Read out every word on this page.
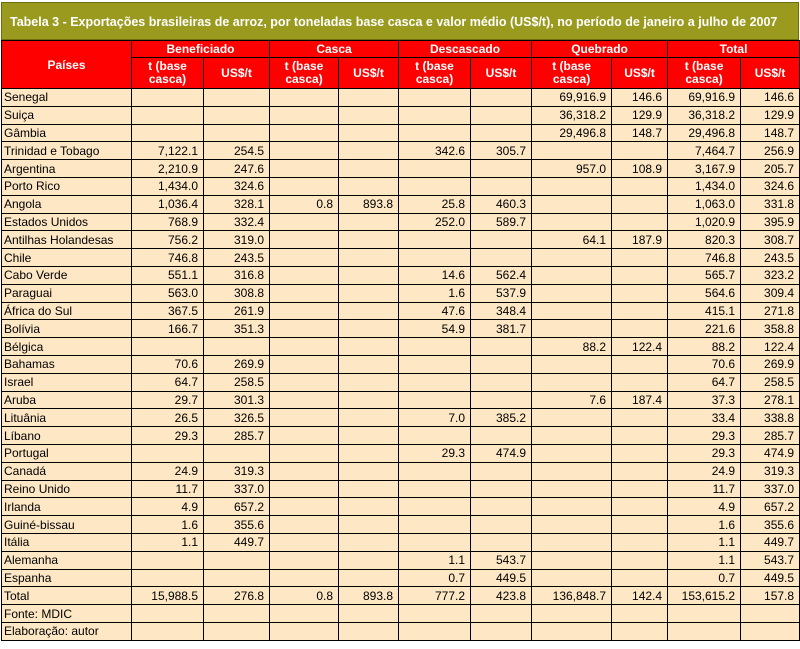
Tabela 3 - Exportações brasileiras de arroz, por toneladas base casca e valor médio (US$/t), no período de janeiro a julho de 2007
Países	Beneficiado		Casca		Descascado		Quebrado		Total	
	t (base casca)	US$/t	t (base casca)	US$/t	t (base casca)	US$/t	t (base casca)	US$/t	t (base casca)	US$/t
Senegal							69,916.9	146.6	69,916.9	146.6
Suiça							36,318.2	129.9	36,318.2	129.9
Gâmbia							29,496.8	148.7	29,496.8	148.7
Trinidad e Tobago	7,122.1	254.5			342.6	305.7			7,464.7	256.9
Argentina	2,210.9	247.6					957.0	108.9	3,167.9	205.7
Porto Rico	1,434.0	324.6							1,434.0	324.6
Angola	1,036.4	328.1	0.8	893.8	25.8	460.3			1,063.0	331.8
Estados Unidos	768.9	332.4			252.0	589.7			1,020.9	395.9
Antilhas Holandesas	756.2	319.0					64.1	187.9	820.3	308.7
Chile	746.8	243.5							746.8	243.5
Cabo Verde	551.1	316.8			14.6	562.4			565.7	323.2
Paraguai	563.0	308.8			1.6	537.9			564.6	309.4
África do Sul	367.5	261.9			47.6	348.4			415.1	271.8
Bolívia	166.7	351.3			54.9	381.7			221.6	358.8
Bélgica							88.2	122.4	88.2	122.4
Bahamas	70.6	269.9							70.6	269.9
Israel	64.7	258.5							64.7	258.5
Aruba	29.7	301.3					7.6	187.4	37.3	278.1
Lituânia	26.5	326.5			7.0	385.2			33.4	338.8
Líbano	29.3	285.7							29.3	285.7
Portugal					29.3	474.9			29.3	474.9
Canadá	24.9	319.3							24.9	319.3
Reino Unido	11.7	337.0							11.7	337.0
Irlanda	4.9	657.2							4.9	657.2
Guiné-bissau	1.6	355.6							1.6	355.6
Itália	1.1	449.7							1.1	449.7
Alemanha					1.1	543.7			1.1	543.7
Espanha					0.7	449.5			0.7	449.5
Total	15,988.5	276.8	0.8	893.8	777.2	423.8	136,848.7	142.4	153,615.2	157.8
Fonte: MDIC										
Elaboração: autor										
